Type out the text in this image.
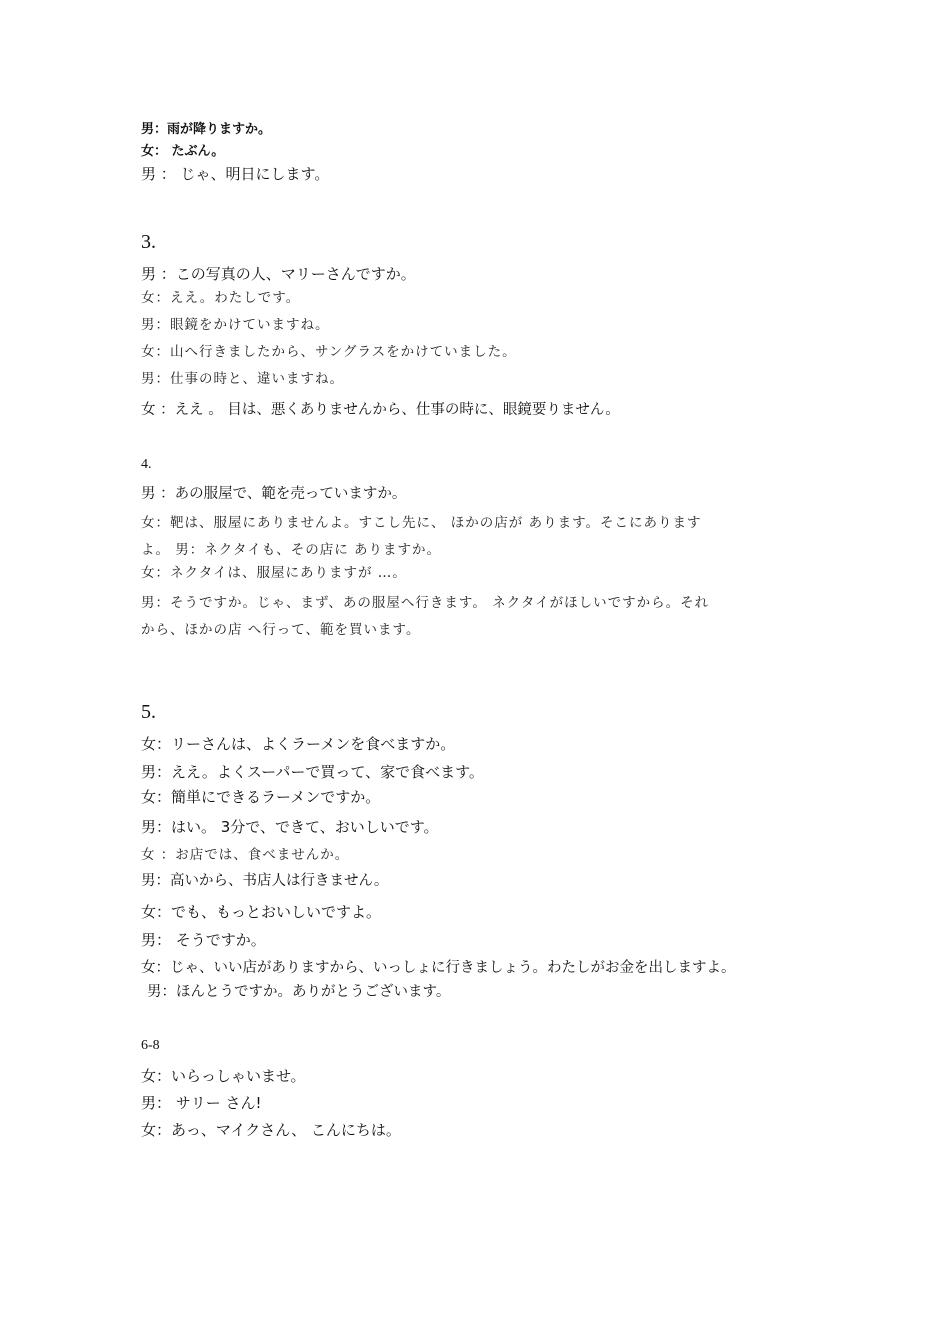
男：雨が降りますか。
女： たぶん。
男 ： じゃ、明日にします。
3.
男 ：この写真の人、マリーさんですか。
女：ええ。わたしです。
男：眼鏡をかけていますね。
女：山へ行きましたから、サングラスをかけていました。
男：仕事の時と、違いますね。
女 ：ええ 。 目は、悪くありませんから、仕事の時に、眼鏡要りません。
4.
男 ：あの服屋で、範を売っていますか。
女：靶は、服屋にありませんよ。すこし先に、 ほかの店が あります。そこにあります
よ。 男：ネクタイも、その店に ありますか。
女：ネクタイは、服屋にありますが …。
男：そうですか。じゃ、まず、あの服屋へ行きます。 ネクタイがほしいですから。それ
から、ほかの店 へ行って、範を買います。
5.
女：リーさんは、よくラーメンを食べますか。
男：ええ。よくスーパーで買って、家で食べます。
女：簡単にできるラーメンですか。
男：はい。 3分で、できて、おいしいです。
女 ：お店では、食べませんか。
男：高いから、书店人は行きません。
女：でも、もっとおいしいですよ。
男： そうですか。
女：じゃ、いい店がありますから、いっしょに行きましょう。わたしがお金を出しますよ。
男：ほんとうですか。ありがとうございます。
6-8
女：いらっしゃいませ。
男： サリー さん!
女：あっ、マイクさん、 こんにちは。
